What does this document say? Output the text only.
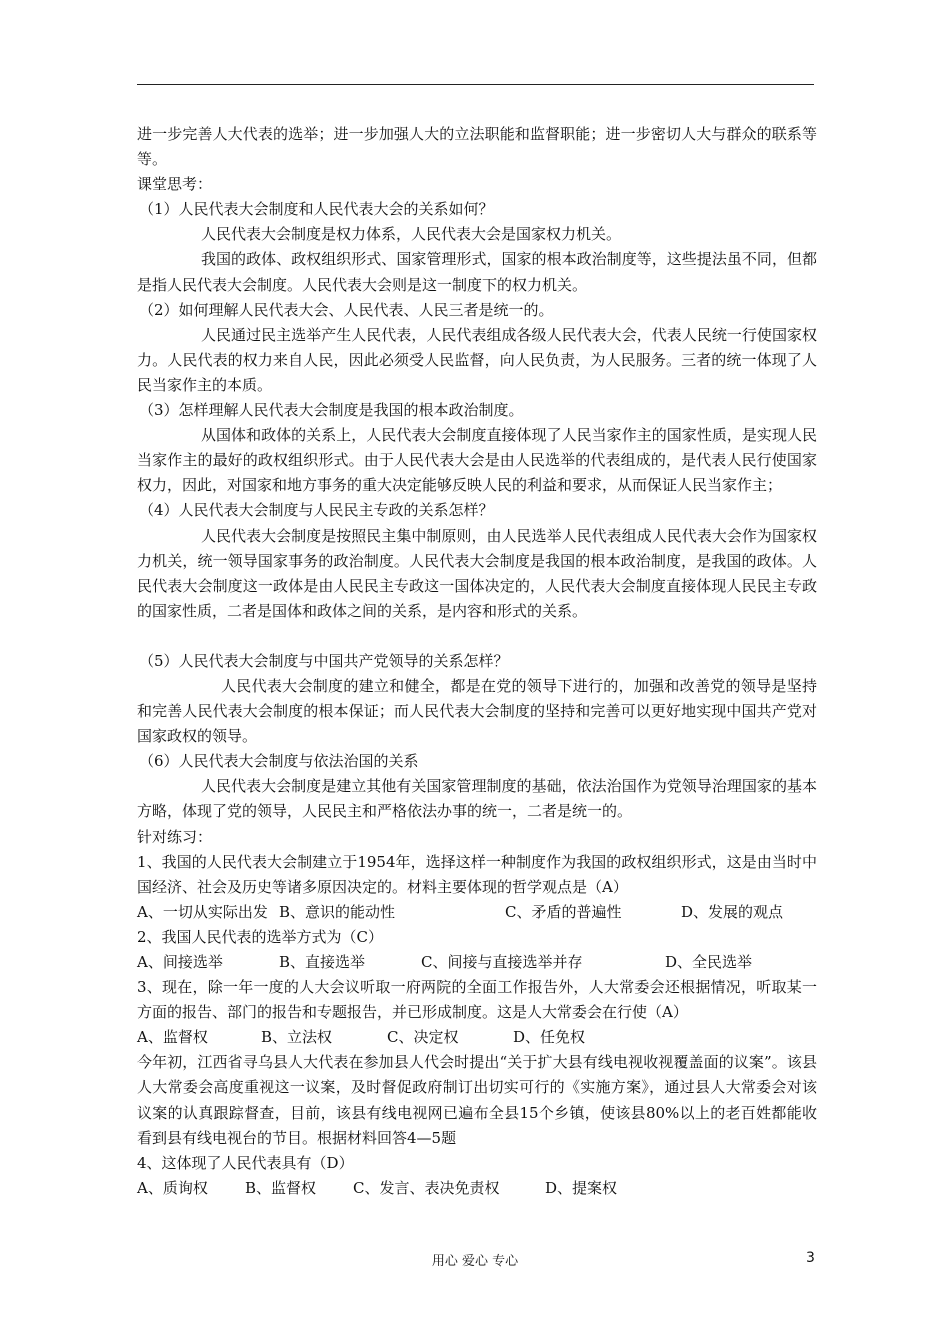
进一步完善人大代表的选举；进一步加强人大的立法职能和监督职能；进一步密切人大与群众的联系等等。

课堂思考：

（1）人民代表大会制度和人民代表大会的关系如何？

人民代表大会制度是权力体系，人民代表大会是国家权力机关。

我国的政体、政权组织形式、国家管理形式，国家的根本政治制度等，这些提法虽不同，但都是指人民代表大会制度。人民代表大会则是这一制度下的权力机关。

（2）如何理解人民代表大会、人民代表、人民三者是统一的。

人民通过民主选举产生人民代表，人民代表组成各级人民代表大会，代表人民统一行使国家权力。人民代表的权力来自人民，因此必须受人民监督，向人民负责，为人民服务。三者的统一体现了人民当家作主的本质。

（3）怎样理解人民代表大会制度是我国的根本政治制度。

从国体和政体的关系上，人民代表大会制度直接体现了人民当家作主的国家性质，是实现人民当家作主的最好的政权组织形式。由于人民代表大会是由人民选举的代表组成的，是代表人民行使国家权力，因此，对国家和地方事务的重大决定能够反映人民的利益和要求，从而保证人民当家作主；

（4）人民代表大会制度与人民民主专政的关系怎样？

人民代表大会制度是按照民主集中制原则，由人民选举人民代表组成人民代表大会作为国家权力机关，统一领导国家事务的政治制度。人民代表大会制度是我国的根本政治制度，是我国的政体。人民代表大会制度这一政体是由人民民主专政这一国体决定的，人民代表大会制度直接体现人民民主专政的国家性质，二者是国体和政体之间的关系，是内容和形式的关系。

（5）人民代表大会制度与中国共产党领导的关系怎样？

人民代表大会制度的建立和健全，都是在党的领导下进行的，加强和改善党的领导是坚持和完善人民代表大会制度的根本保证；而人民代表大会制度的坚持和完善可以更好地实现中国共产党对国家政权的领导。

（6）人民代表大会制度与依法治国的关系

人民代表大会制度是建立其他有关国家管理制度的基础，依法治国作为党领导治理国家的基本方略，体现了党的领导，人民民主和严格依法办事的统一，二者是统一的。

针对练习：

1、我国的人民代表大会制建立于1954年，选择这样一种制度作为我国的政权组织形式，这是由当时中国经济、社会及历史等诸多原因决定的。材料主要体现的哲学观点是（A）

A、一切从实际出发 B、意识的能动性	C、矛盾的普遍性	D、发展的观点

2、我国人民代表的选举方式为（C）

A、间接选举	B、直接选举	C、间接与直接选举并存	D、全民选举

3、现在，除一年一度的人大会议听取一府两院的全面工作报告外，人大常委会还根据情况，听取某一方面的报告、部门的报告和专题报告，并已形成制度。这是人大常委会在行使（A）

A、监督权	B、立法权	C、决定权	D、任免权

今年初，江西省寻乌县人大代表在参加县人代会时提出“关于扩大县有线电视收视覆盖面的议案”。该县人大常委会高度重视这一议案，及时督促政府制订出切实可行的《实施方案》，通过县人大常委会对该议案的认真跟踪督查，目前，该县有线电视网已遍布全县15个乡镇，使该县80%以上的老百姓都能收看到县有线电视台的节目。根据材料回答4—5题

4、这体现了人民代表具有（D）

A、质询权	B、监督权	C、发言、表决免责权	D、提案权

用心 爱心 专心	3
